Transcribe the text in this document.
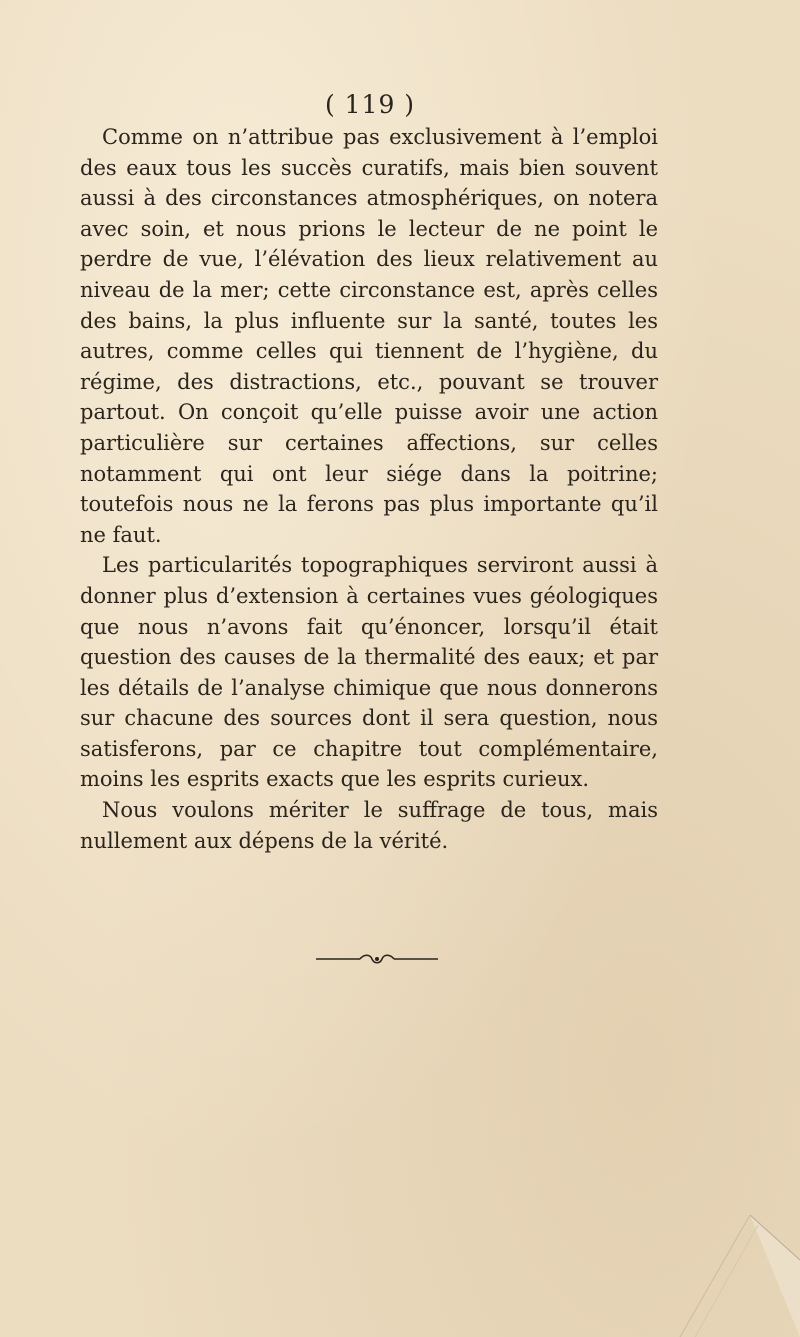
( 119 )

Comme on n’attribue pas exclusivement à l’emploi des eaux tous les succès curatifs, mais bien souvent aussi à des circonstances atmosphériques, on notera avec soin, et nous prions le lecteur de ne point le perdre de vue, l’élévation des lieux relativement au niveau de la mer; cette circonstance est, après celles des bains, la plus influente sur la santé, toutes les autres, comme celles qui tiennent de l’hygiène, du régime, des distractions, etc., pouvant se trouver partout. On conçoit qu’elle puisse avoir une action particulière sur certaines affections, sur celles notamment qui ont leur siége dans la poitrine; toutefois nous ne la ferons pas plus importante qu’il ne faut.

Les particularités topographiques serviront aussi à donner plus d’extension à certaines vues géologiques que nous n’avons fait qu’énoncer, lorsqu’il était question des causes de la thermalité des eaux; et par les détails de l’analyse chimique que nous donnerons sur chacune des sources dont il sera question, nous satisferons, par ce chapitre tout complémentaire, moins les esprits exacts que les esprits curieux.

Nous voulons mériter le suffrage de tous, mais nullement aux dépens de la vérité.
